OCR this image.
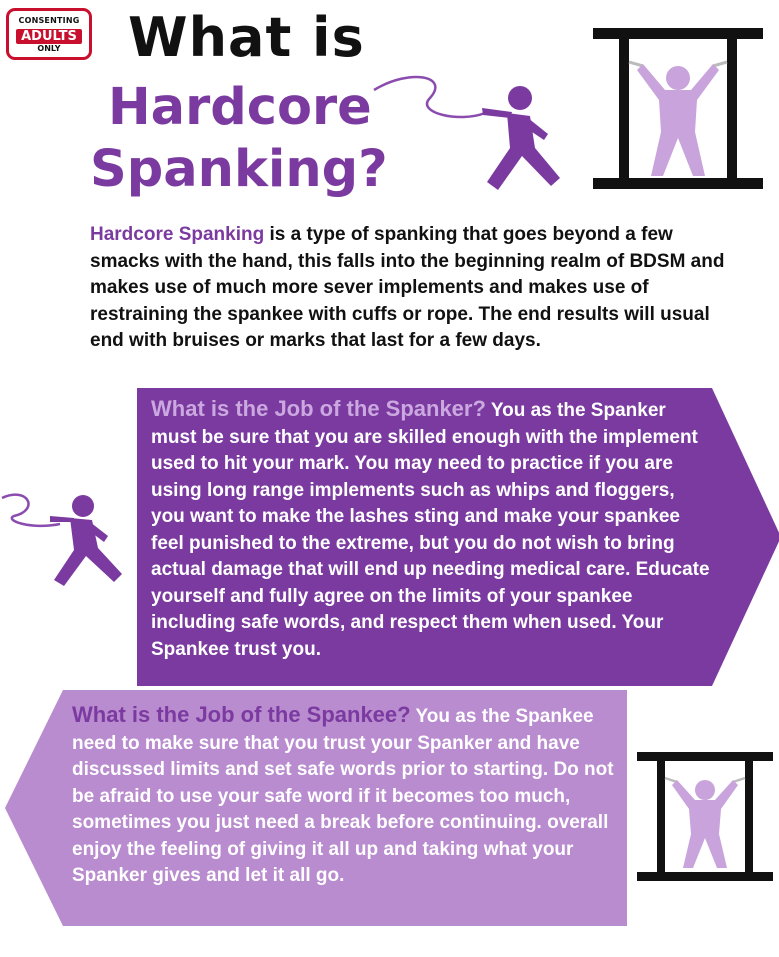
CONSENTING
ADULTS
ONLY	What is
Hardcore
Spanking?
Hardcore Spanking is a type of spanking that goes beyond a few smacks with the hand, this falls into the beginning realm of BDSM and makes use of much more sever implements and makes use of restraining the spankee with cuffs or rope. The end results will usual end with bruises or marks that last for a few days.
What is the Job of the Spanker? You as the Spanker must be sure that you are skilled enough with the implement used to hit your mark. You may need to practice if you are using long range implements such as whips and floggers, you want to make the lashes sting and make your spankee feel punished to the extreme, but you do not wish to bring actual damage that will end up needing medical care. Educate yourself and fully agree on the limits of your spankee including safe words, and respect them when used. Your Spankee trust you.
What is the Job of the Spankee? You as the Spankee need to make sure that you trust your Spanker and have discussed limits and set safe words prior to starting. Do not be afraid to use your safe word if it becomes too much, sometimes you just need a break before continuing. overall enjoy the feeling of giving it all up and taking what your Spanker gives and let it all go.
